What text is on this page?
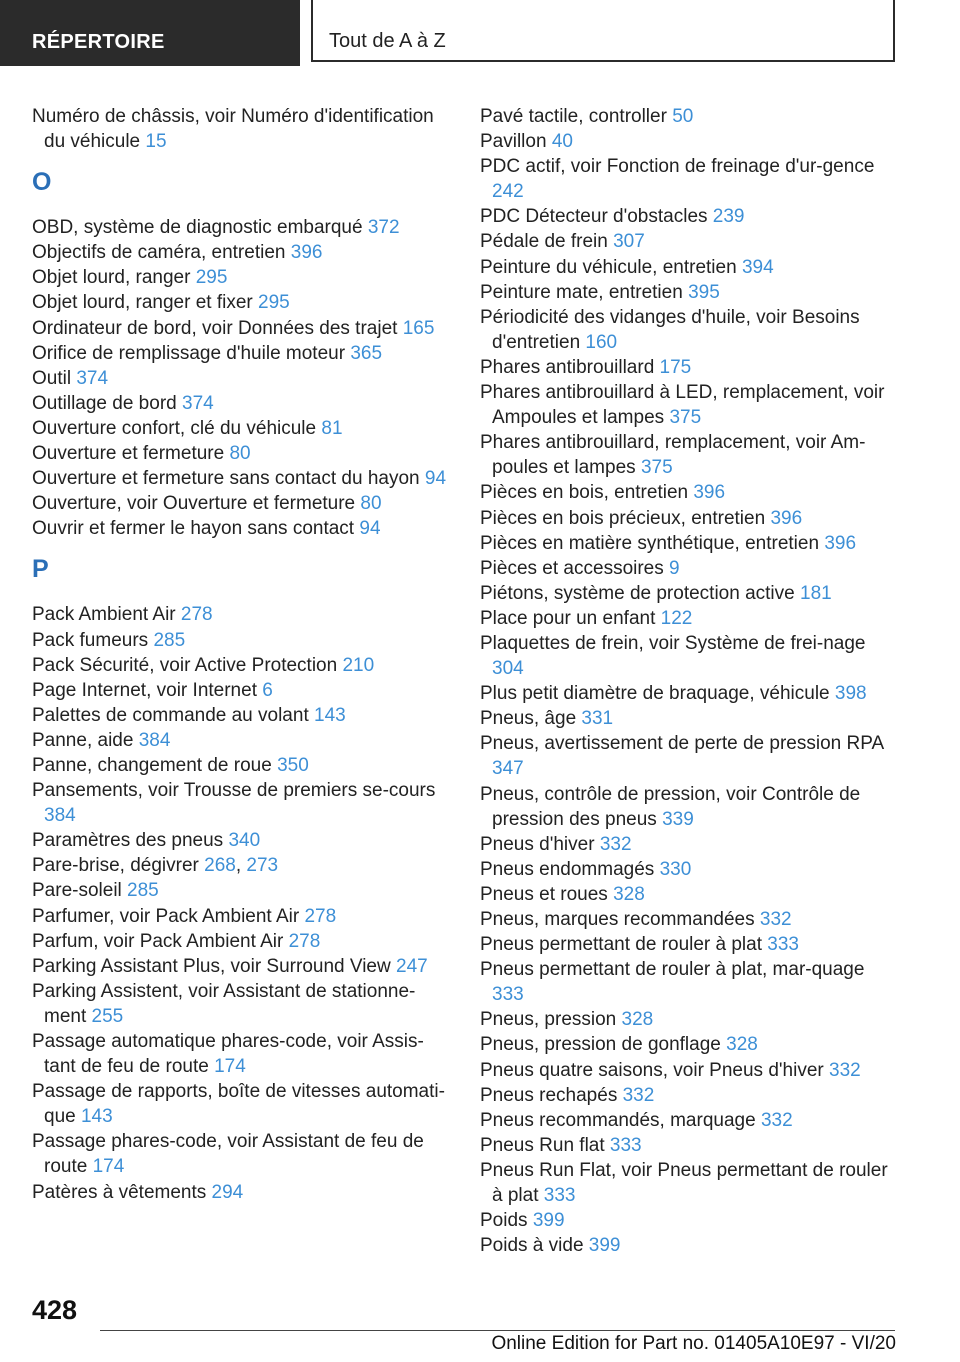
RÉPERTOIRE	Tout de A à Z
Numéro de châssis, voir Numéro d'identification du véhicule 15
O
OBD, système de diagnostic embarqué 372
Objectifs de caméra, entretien 396
Objet lourd, ranger 295
Objet lourd, ranger et fixer 295
Ordinateur de bord, voir Données des trajet 165
Orifice de remplissage d'huile moteur 365
Outil 374
Outillage de bord 374
Ouverture confort, clé du véhicule 81
Ouverture et fermeture 80
Ouverture et fermeture sans contact du hayon 94
Ouverture, voir Ouverture et fermeture 80
Ouvrir et fermer le hayon sans contact 94
P
Pack Ambient Air 278
Pack fumeurs 285
Pack Sécurité, voir Active Protection 210
Page Internet, voir Internet 6
Palettes de commande au volant 143
Panne, aide 384
Panne, changement de roue 350
Pansements, voir Trousse de premiers se-cours 384
Paramètres des pneus 340
Pare-brise, dégivrer 268, 273
Pare-soleil 285
Parfumer, voir Pack Ambient Air 278
Parfum, voir Pack Ambient Air 278
Parking Assistant Plus, voir Surround View 247
Parking Assistent, voir Assistant de stationne-ment 255
Passage automatique phares-code, voir Assis-tant de feu de route 174
Passage de rapports, boîte de vitesses automati-que 143
Passage phares-code, voir Assistant de feu de route 174
Patères à vêtements 294
Pavé tactile, controller 50
Pavillon 40
PDC actif, voir Fonction de freinage d'ur-gence 242
PDC Détecteur d'obstacles 239
Pédale de frein 307
Peinture du véhicule, entretien 394
Peinture mate, entretien 395
Périodicité des vidanges d'huile, voir Besoins d'entretien 160
Phares antibrouillard 175
Phares antibrouillard à LED, remplacement, voir Ampoules et lampes 375
Phares antibrouillard, remplacement, voir Am-poules et lampes 375
Pièces en bois, entretien 396
Pièces en bois précieux, entretien 396
Pièces en matière synthétique, entretien 396
Pièces et accessoires 9
Piétons, système de protection active 181
Place pour un enfant 122
Plaquettes de frein, voir Système de frei-nage 304
Plus petit diamètre de braquage, véhicule 398
Pneus, âge 331
Pneus, avertissement de perte de pression RPA 347
Pneus, contrôle de pression, voir Contrôle de pression des pneus 339
Pneus d'hiver 332
Pneus endommagés 330
Pneus et roues 328
Pneus, marques recommandées 332
Pneus permettant de rouler à plat 333
Pneus permettant de rouler à plat, mar-quage 333
Pneus, pression 328
Pneus, pression de gonflage 328
Pneus quatre saisons, voir Pneus d'hiver 332
Pneus rechapés 332
Pneus recommandés, marquage 332
Pneus Run flat 333
Pneus Run Flat, voir Pneus permettant de rouler à plat 333
Poids 399
Poids à vide 399
428
Online Edition for Part no. 01405A10E97 - VI/20
